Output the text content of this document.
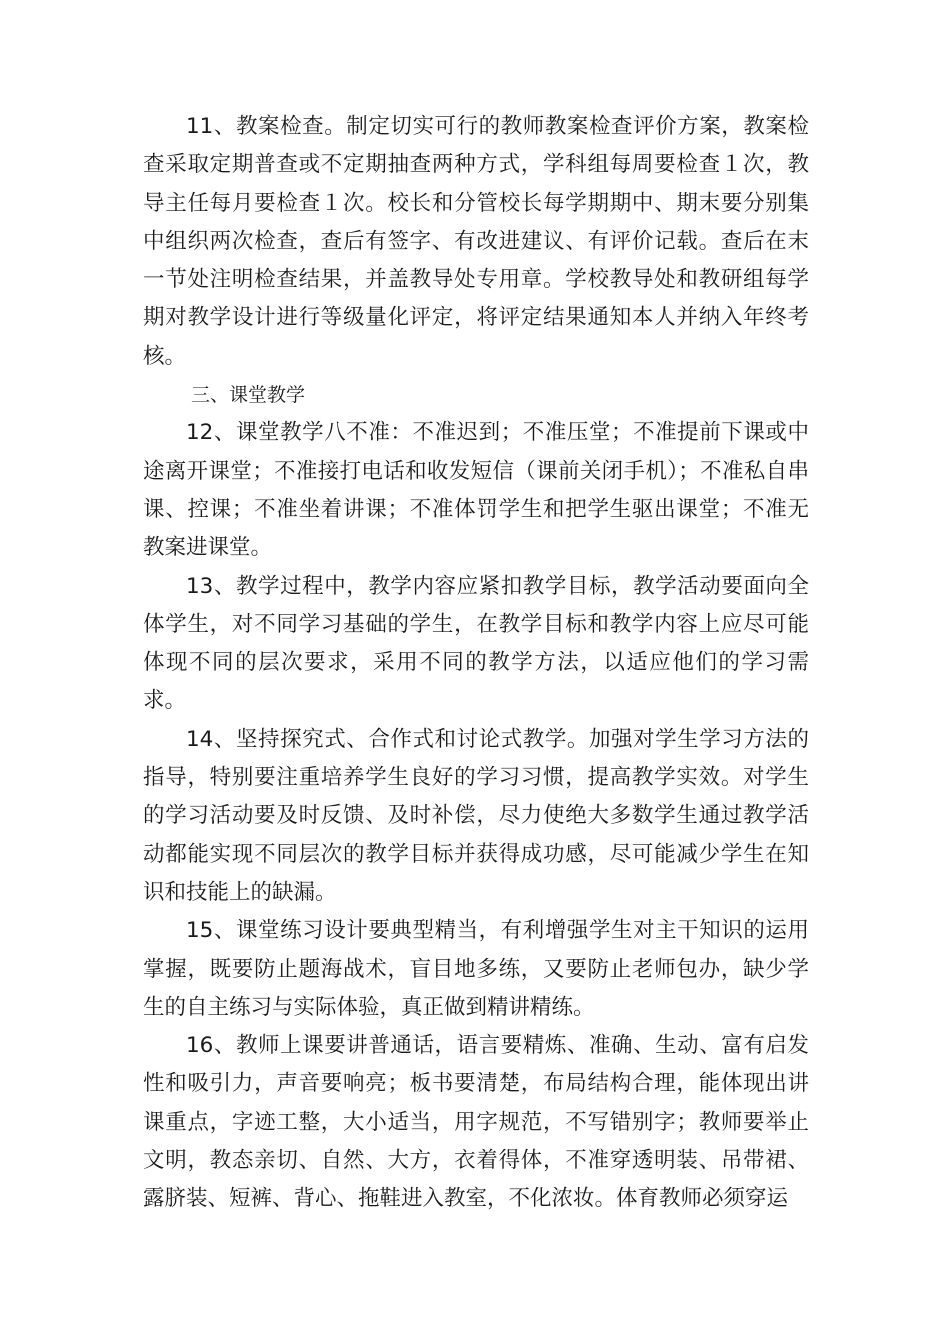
11、教案检查。制定切实可行的教师教案检查评价方案，教案检查采取定期普查或不定期抽查两种方式，学科组每周要检查１次，教导主任每月要检查１次。校长和分管校长每学期期中、期末要分别集中组织两次检查，查后有签字、有改进建议、有评价记载。查后在末一节处注明检查结果，并盖教导处专用章。学校教导处和教研组每学期对教学设计进行等级量化评定，将评定结果通知本人并纳入年终考核。

三、课堂教学

12、课堂教学八不准：不准迟到；不准压堂；不准提前下课或中途离开课堂；不准接打电话和收发短信（课前关闭手机）；不准私自串课、控课；不准坐着讲课；不准体罚学生和把学生驱出课堂；不准无教案进课堂。

13、教学过程中，教学内容应紧扣教学目标，教学活动要面向全体学生，对不同学习基础的学生，在教学目标和教学内容上应尽可能体现不同的层次要求，采用不同的教学方法，以适应他们的学习需求。

14、坚持探究式、合作式和讨论式教学。加强对学生学习方法的指导，特别要注重培养学生良好的学习习惯，提高教学实效。对学生的学习活动要及时反馈、及时补偿，尽力使绝大多数学生通过教学活动都能实现不同层次的教学目标并获得成功感，尽可能减少学生在知识和技能上的缺漏。

15、课堂练习设计要典型精当，有利增强学生对主干知识的运用掌握，既要防止题海战术，盲目地多练，又要防止老师包办，缺少学生的自主练习与实际体验，真正做到精讲精练。

16、教师上课要讲普通话，语言要精炼、准确、生动、富有启发性和吸引力，声音要响亮；板书要清楚，布局结构合理，能体现出讲课重点，字迹工整，大小适当，用字规范，不写错别字；教师要举止文明，教态亲切、自然、大方，衣着得体，不准穿透明装、吊带裙、露脐装、短裤、背心、拖鞋进入教室，不化浓妆。体育教师必须穿运
